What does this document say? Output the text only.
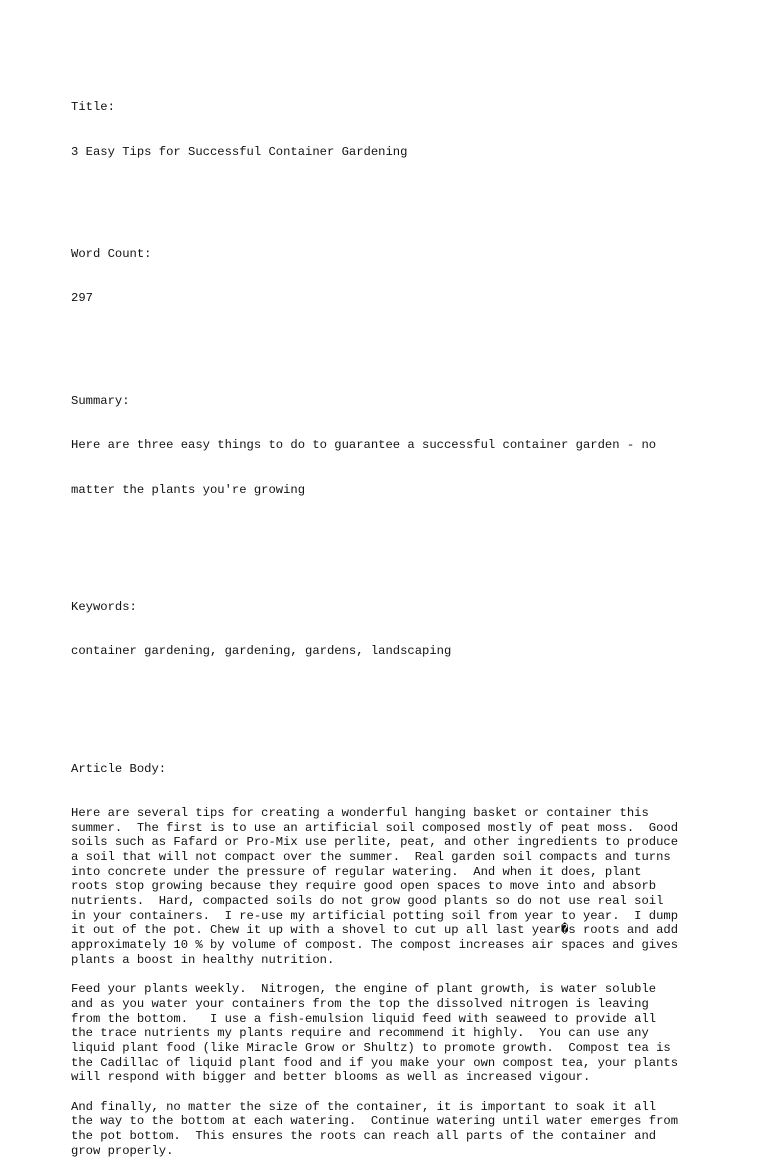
Title:

3 Easy Tips for Successful Container Gardening

Word Count:

297

Summary:

Here are three easy things to do to guarantee a successful container garden - no

matter the plants you're growing

Keywords:

container gardening, gardening, gardens, landscaping

Article Body:

Here are several tips for creating a wonderful hanging basket or container this
summer.  The first is to use an artificial soil composed mostly of peat moss.  Good
soils such as Fafard or Pro-Mix use perlite, peat, and other ingredients to produce
a soil that will not compact over the summer.  Real garden soil compacts and turns
into concrete under the pressure of regular watering.  And when it does, plant
roots stop growing because they require good open spaces to move into and absorb
nutrients.  Hard, compacted soils do not grow good plants so do not use real soil
in your containers.  I re-use my artificial potting soil from year to year.  I dump
it out of the pot. Chew it up with a shovel to cut up all last year�s roots and add
approximately 10 % by volume of compost. The compost increases air spaces and gives
plants a boost in healthy nutrition.
Feed your plants weekly.  Nitrogen, the engine of plant growth, is water soluble
and as you water your containers from the top the dissolved nitrogen is leaving
from the bottom.   I use a fish-emulsion liquid feed with seaweed to provide all
the trace nutrients my plants require and recommend it highly.  You can use any
liquid plant food (like Miracle Grow or Shultz) to promote growth.  Compost tea is
the Cadillac of liquid plant food and if you make your own compost tea, your plants
will respond with bigger and better blooms as well as increased vigour.
And finally, no matter the size of the container, it is important to soak it all
the way to the bottom at each watering.  Continue watering until water emerges from
the pot bottom.  This ensures the roots can reach all parts of the container and
grow properly.
